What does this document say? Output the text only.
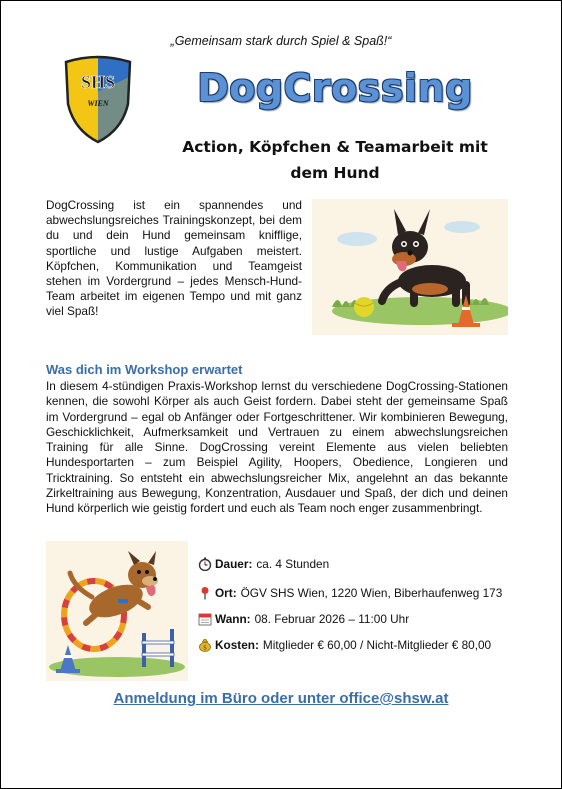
„Gemeinsam stark durch Spiel & Spaß!“
SHS
WIEN	DogCrossing
Action, Köpfchen & Teamarbeit mit
dem Hund
DogCrossing ist ein spannendes und abwechslungsreiches Trainingskonzept, bei dem du und dein Hund gemeinsam knifflige, sportliche und lustige Aufgaben meistert. Köpfchen, Kommunikation und Teamgeist stehen im Vordergrund – jedes Mensch-Hund-Team arbeitet im eigenen Tempo und mit ganz viel Spaß!
Was dich im Workshop erwartet
In diesem 4-stündigen Praxis-Workshop lernst du verschiedene DogCrossing-Stationen kennen, die sowohl Körper als auch Geist fordern. Dabei steht der gemeinsame Spaß im Vordergrund – egal ob Anfänger oder Fortgeschrittener. Wir kombinieren Bewegung, Geschicklichkeit, Aufmerksamkeit und Vertrauen zu einem abwechslungsreichen Training für alle Sinne. DogCrossing vereint Elemente aus vielen beliebten Hundesportarten – zum Beispiel Agility, Hoopers, Obedience, Longieren und Tricktraining. So entsteht ein abwechslungsreicher Mix, angelehnt an das bekannte Zirkeltraining aus Bewegung, Konzentration, Ausdauer und Spaß, der dich und deinen Hund körperlich wie geistig fordert und euch als Team noch enger zusammenbringt.
Dauer: ca. 4 Stunden
Ort: ÖGV SHS Wien, 1220 Wien, Biberhaufenweg 173
Wann: 08. Februar 2026 – 11:00 Uhr
$ Kosten: Mitglieder € 60,00 / Nicht-Mitglieder € 80,00
Anmeldung im Büro oder unter office@shsw.at
